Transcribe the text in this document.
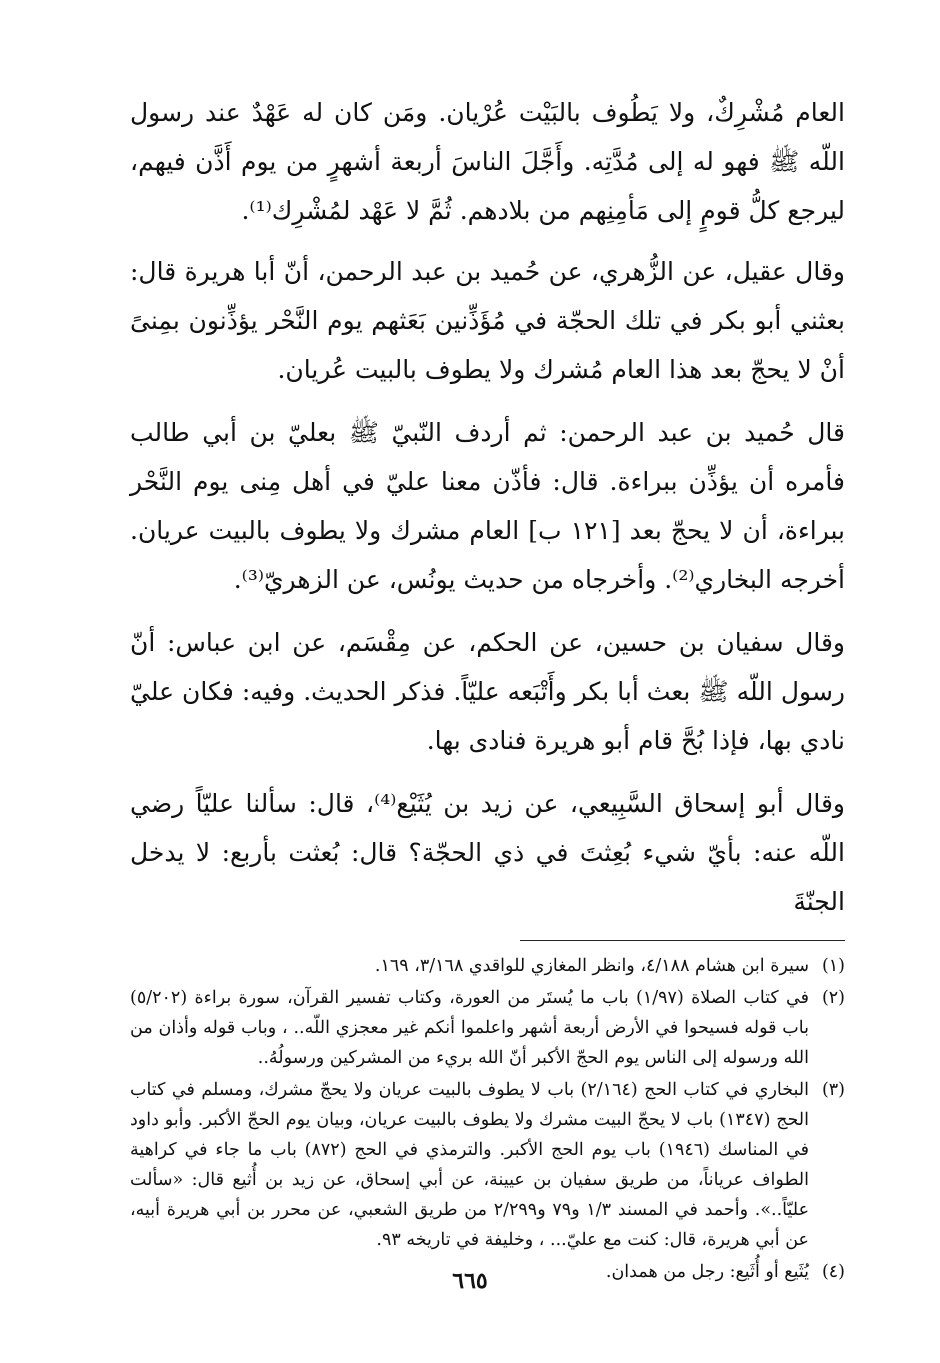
العام مُشْرِكٌ، ولا يَطُوف بالبَيْت عُرْيان. ومَن كان له عَهْدٌ عند رسول اللّه ﷺ فهو له إلى مُدَّتِه. وأَجَّلَ الناسَ أربعة أشهرٍ من يوم أَذَّن فيهم، ليرجع كلُّ قومٍ إلى مَأمِنِهم من بلادهم. ثُمَّ لا عَهْد لمُشْرِك⁽¹⁾.

وقال عقيل، عن الزُّهري، عن حُميد بن عبد الرحمن، أنّ أبا هريرة قال: بعثني أبو بكر في تلك الحجّة في مُؤَذِّنين بَعَثهم يوم النَّحْر يؤذِّنون بمِنىً أنْ لا يحجّ بعد هذا العام مُشرك ولا يطوف بالبيت عُريان.

قال حُميد بن عبد الرحمن: ثم أردف النّبيّ ﷺ بعليّ بن أبي طالب فأمره أن يؤذِّن ببراءة. قال: فأذّن معنا عليّ في أهل مِنى يوم النَّحْر ببراءة، أن لا يحجّ بعد [١٢١ ب] العام مشرك ولا يطوف بالبيت عريان. أخرجه البخاري⁽²⁾. وأخرجاه من حديث يونُس، عن الزهريّ⁽³⁾.

وقال سفيان بن حسين، عن الحكم، عن مِقْسَم، عن ابن عباس: أنّ رسول اللّه ﷺ بعث أبا بكر وأَتْبَعه عليّاً. فذكر الحديث. وفيه: فكان عليّ نادي بها، فإذا بُحَّ قام أبو هريرة فنادى بها.

وقال أبو إسحاق السَّبِيعي، عن زيد بن يُثَيْع⁽⁴⁾، قال: سألنا عليّاً رضي اللّه عنه: بأيّ شيء بُعِثتَ في ذي الحجّة؟ قال: بُعثت بأربع: لا يدخل الجنّةَ

(١)
سيرة ابن هشام ٤/١٨٨، وانظر المغازي للواقدي ٣/١٦٨، ١٦٩.
(٢)
في كتاب الصلاة (١/٩٧) باب ما يُستَر من العورة، وكتاب تفسير القرآن، سورة براءة (٥/٢٠٢) باب قوله فسيحوا في الأرض أربعة أشهر واعلموا أنكم غير معجزي اللّه.. ، وباب قوله وأذان من الله ورسوله إلى الناس يوم الحجّ الأكبر أنّ الله بريء من المشركين ورسولُهُ..
(٣)
البخاري في كتاب الحج (٢/١٦٤) باب لا يطوف بالبيت عريان ولا يحجّ مشرك، ومسلم في كتاب الحج (١٣٤٧) باب لا يحجّ البيت مشرك ولا يطوف بالبيت عريان، وبيان يوم الحجّ الأكبر. وأبو داود في المناسك (١٩٤٦) باب يوم الحج الأكبر. والترمذي في الحج (٨٧٢) باب ما جاء في كراهية الطواف عرياناً، من طريق سفيان بن عيينة، عن أبي إسحاق، عن زيد بن أُثيع قال: «سألت عليّاً..». وأحمد في المسند ١/٣ و٧٩ و٢/٢٩٩ من طريق الشعبي، عن محرر بن أبي هريرة أبيه، عن أبي هريرة، قال: كنت مع عليّ... ، وخليفة في تاريخه ٩٣.
(٤)
يُثَيع أو أُثَيع: رجل من همدان.
٦٦٥
